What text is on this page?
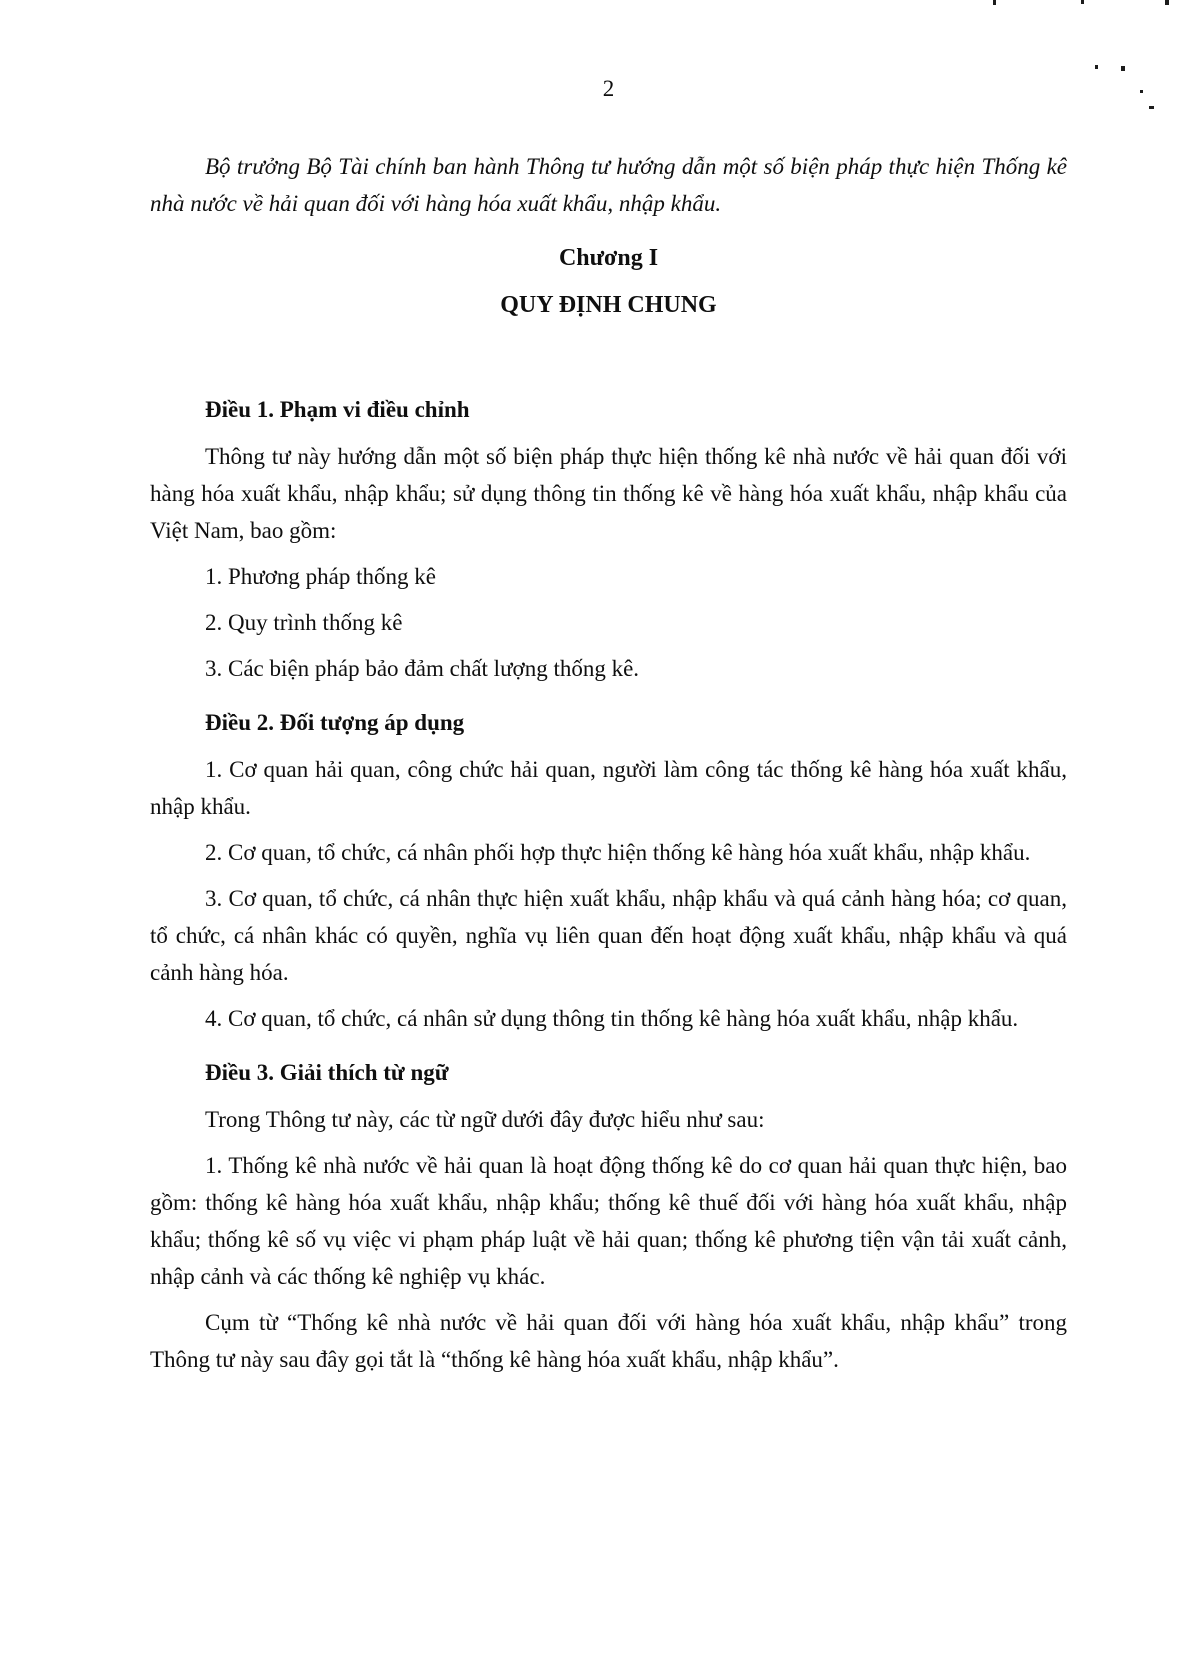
2

Bộ trưởng Bộ Tài chính ban hành Thông tư hướng dẫn một số biện pháp thực hiện Thống kê nhà nước về hải quan đối với hàng hóa xuất khẩu, nhập khẩu.

Chương I
QUY ĐỊNH CHUNG
Điều 1. Phạm vi điều chỉnh

Thông tư này hướng dẫn một số biện pháp thực hiện thống kê nhà nước về hải quan đối với hàng hóa xuất khẩu, nhập khẩu; sử dụng thông tin thống kê về hàng hóa xuất khẩu, nhập khẩu của Việt Nam, bao gồm:

1. Phương pháp thống kê

2. Quy trình thống kê

3. Các biện pháp bảo đảm chất lượng thống kê.

Điều 2. Đối tượng áp dụng

1. Cơ quan hải quan, công chức hải quan, người làm công tác thống kê hàng hóa xuất khẩu, nhập khẩu.

2. Cơ quan, tổ chức, cá nhân phối hợp thực hiện thống kê hàng hóa xuất khẩu, nhập khẩu.

3. Cơ quan, tổ chức, cá nhân thực hiện xuất khẩu, nhập khẩu và quá cảnh hàng hóa; cơ quan, tổ chức, cá nhân khác có quyền, nghĩa vụ liên quan đến hoạt động xuất khẩu, nhập khẩu và quá cảnh hàng hóa.

4. Cơ quan, tổ chức, cá nhân sử dụng thông tin thống kê hàng hóa xuất khẩu, nhập khẩu.

Điều 3. Giải thích từ ngữ

Trong Thông tư này, các từ ngữ dưới đây được hiểu như sau:

1. Thống kê nhà nước về hải quan là hoạt động thống kê do cơ quan hải quan thực hiện, bao gồm: thống kê hàng hóa xuất khẩu, nhập khẩu; thống kê thuế đối với hàng hóa xuất khẩu, nhập khẩu; thống kê số vụ việc vi phạm pháp luật về hải quan; thống kê phương tiện vận tải xuất cảnh, nhập cảnh và các thống kê nghiệp vụ khác.

Cụm từ “Thống kê nhà nước về hải quan đối với hàng hóa xuất khẩu, nhập khẩu” trong Thông tư này sau đây gọi tắt là “thống kê hàng hóa xuất khẩu, nhập khẩu”.
